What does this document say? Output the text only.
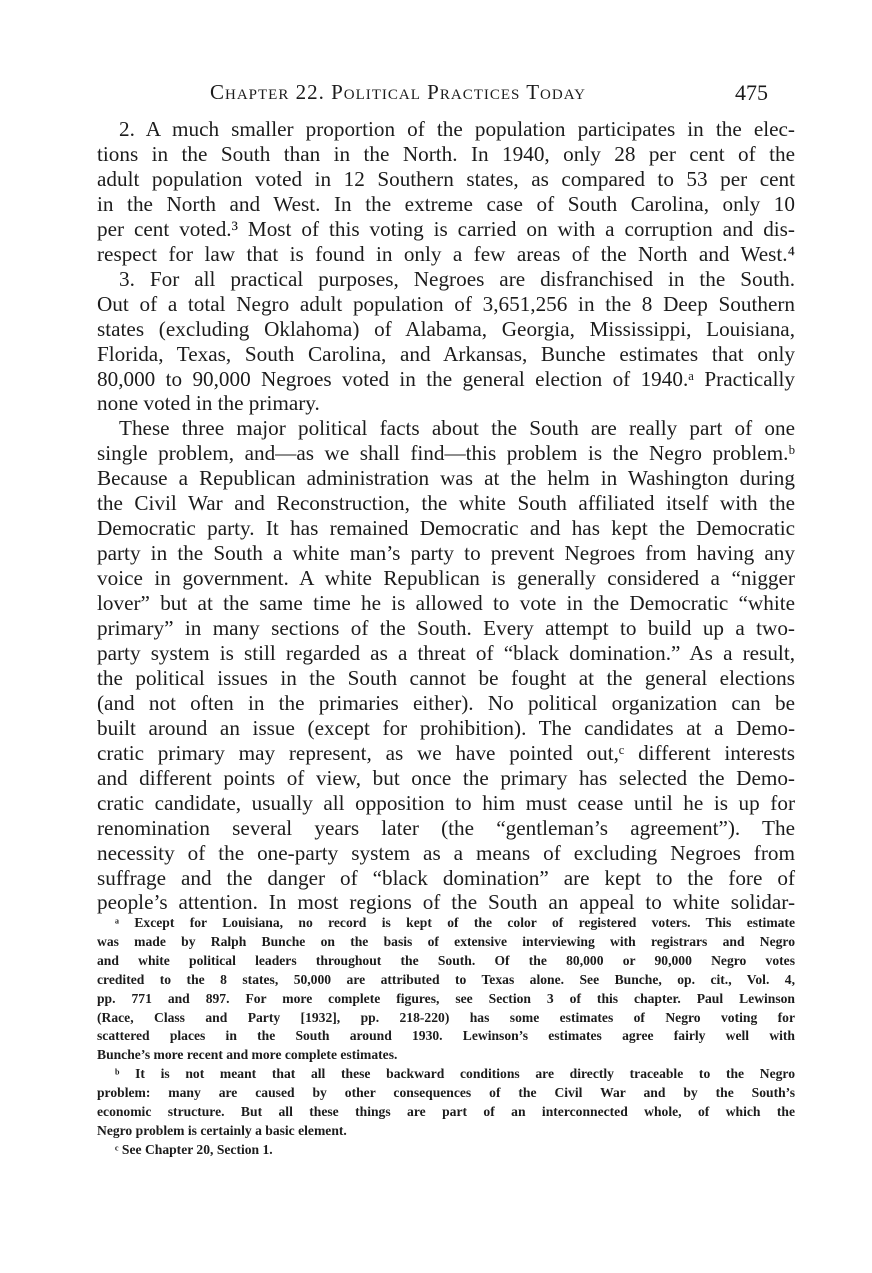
Chapter 22. Political Practices Today	475
2. A much smaller proportion of the population participates in the elec-
tions in the South than in the North. In 1940, only 28 per cent of the
adult population voted in 12 Southern states, as compared to 53 per cent
in the North and West. In the extreme case of South Carolina, only 10
per cent voted.³ Most of this voting is carried on with a corruption and dis-
respect for law that is found in only a few areas of the North and West.⁴
3. For all practical purposes, Negroes are disfranchised in the South.
Out of a total Negro adult population of 3,651,256 in the 8 Deep Southern
states (excluding Oklahoma) of Alabama, Georgia, Mississippi, Louisiana,
Florida, Texas, South Carolina, and Arkansas, Bunche estimates that only
80,000 to 90,000 Negroes voted in the general election of 1940.ᵃ Practically
none voted in the primary.
These three major political facts about the South are really part of one
single problem, and—as we shall find—this problem is the Negro problem.ᵇ
Because a Republican administration was at the helm in Washington during
the Civil War and Reconstruction, the white South affiliated itself with the
Democratic party. It has remained Democratic and has kept the Democratic
party in the South a white man’s party to prevent Negroes from having any
voice in government. A white Republican is generally considered a “nigger
lover” but at the same time he is allowed to vote in the Democratic “white
primary” in many sections of the South. Every attempt to build up a two-
party system is still regarded as a threat of “black domination.” As a result,
the political issues in the South cannot be fought at the general elections
(and not often in the primaries either). No political organization can be
built around an issue (except for prohibition). The candidates at a Demo-
cratic primary may represent, as we have pointed out,ᶜ different interests
and different points of view, but once the primary has selected the Demo-
cratic candidate, usually all opposition to him must cease until he is up for
renomination several years later (the “gentleman’s agreement”). The
necessity of the one-party system as a means of excluding Negroes from
suffrage and the danger of “black domination” are kept to the fore of
people’s attention. In most regions of the South an appeal to white solidar-
ᵃ Except for Louisiana, no record is kept of the color of registered voters. This estimate
was made by Ralph Bunche on the basis of extensive interviewing with registrars and Negro
and white political leaders throughout the South. Of the 80,000 or 90,000 Negro votes
credited to the 8 states, 50,000 are attributed to Texas alone. See Bunche, op. cit., Vol. 4,
pp. 771 and 897. For more complete figures, see Section 3 of this chapter. Paul Lewinson
(Race, Class and Party [1932], pp. 218-220) has some estimates of Negro voting for
scattered places in the South around 1930. Lewinson’s estimates agree fairly well with
Bunche’s more recent and more complete estimates.
ᵇ It is not meant that all these backward conditions are directly traceable to the Negro
problem: many are caused by other consequences of the Civil War and by the South’s
economic structure. But all these things are part of an interconnected whole, of which the
Negro problem is certainly a basic element.
ᶜ See Chapter 20, Section 1.
